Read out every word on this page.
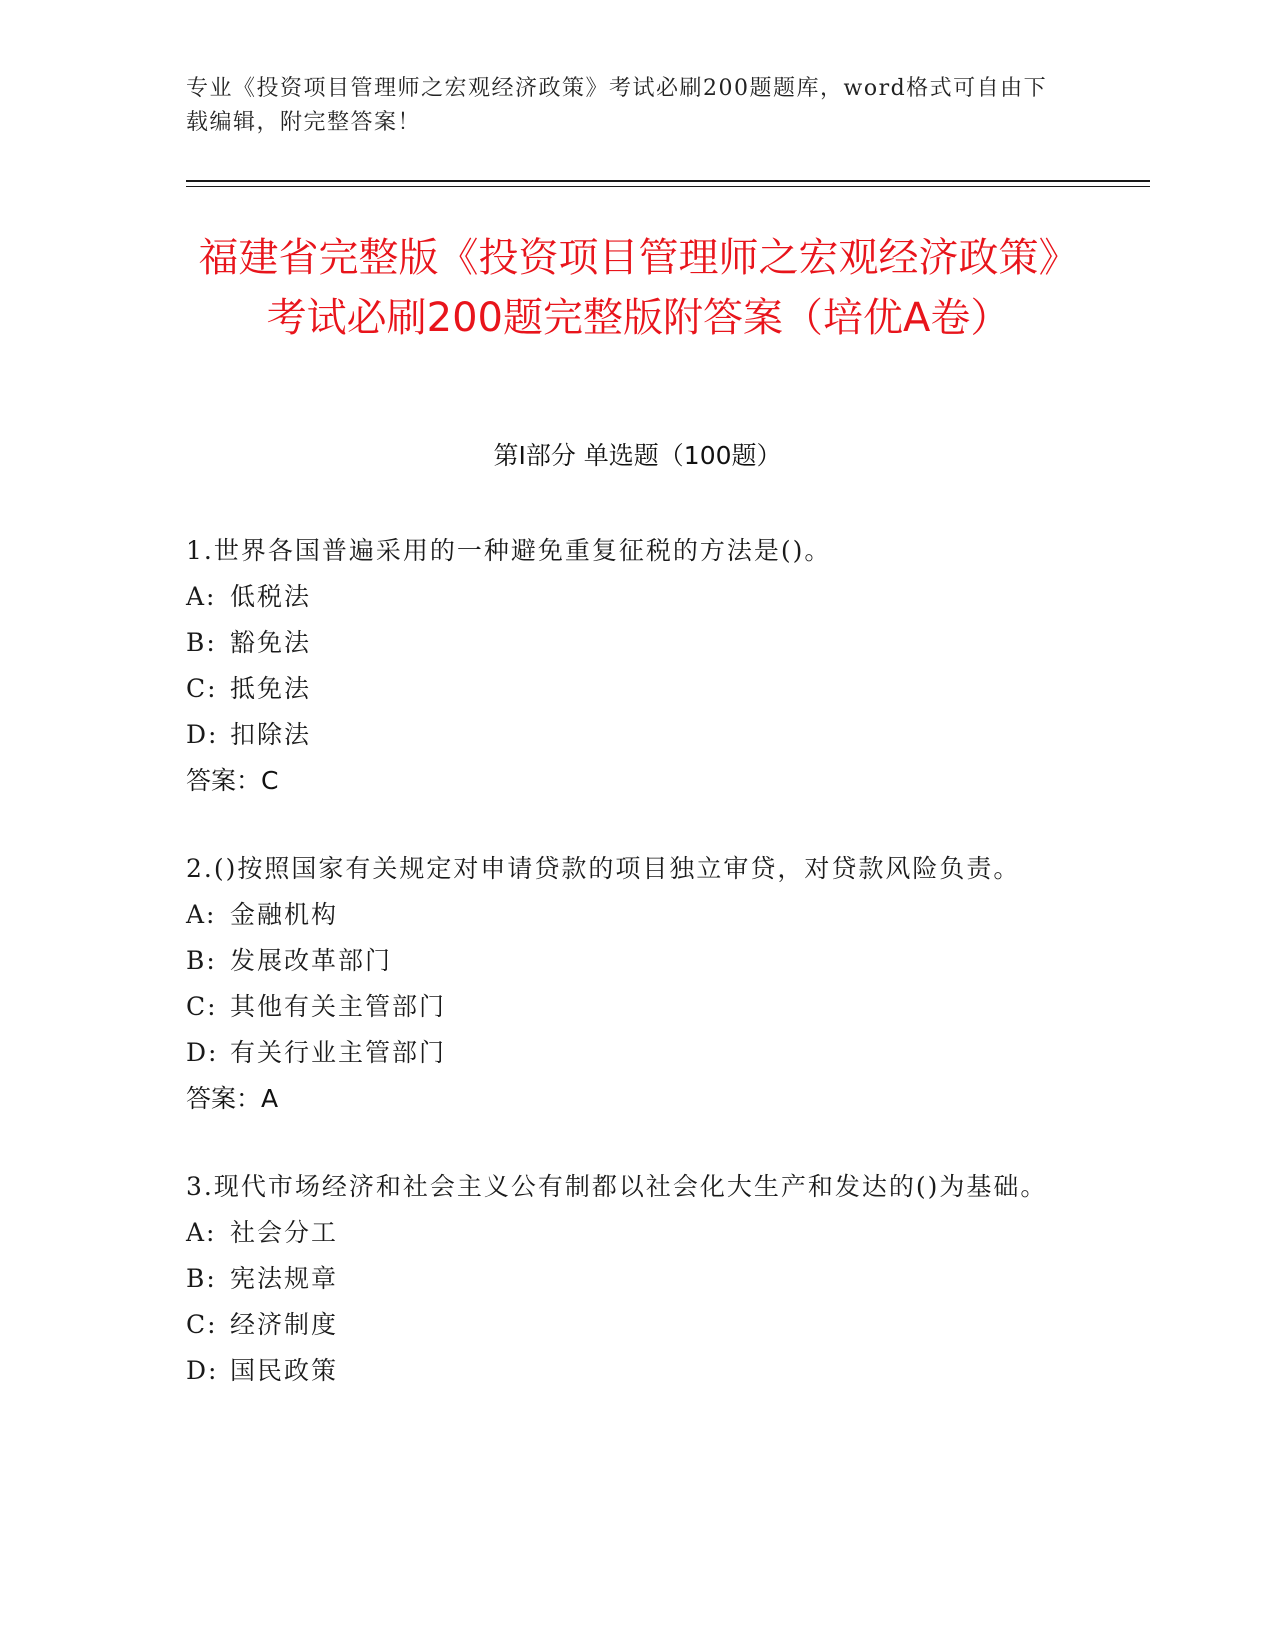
专业《投资项目管理师之宏观经济政策》考试必刷200题题库，word格式可自由下载编辑，附完整答案！
福建省完整版《投资项目管理师之宏观经济政策》考试必刷200题完整版附答案（培优A卷）
第I部分 单选题（100题）
1.世界各国普遍采用的一种避免重复征税的方法是()。
A: 低税法
B: 豁免法
C: 抵免法
D: 扣除法
答案：C
2.()按照国家有关规定对申请贷款的项目独立审贷，对贷款风险负责。
A: 金融机构
B: 发展改革部门
C: 其他有关主管部门
D: 有关行业主管部门
答案：A
3.现代市场经济和社会主义公有制都以社会化大生产和发达的()为基础。
A: 社会分工
B: 宪法规章
C: 经济制度
D: 国民政策
